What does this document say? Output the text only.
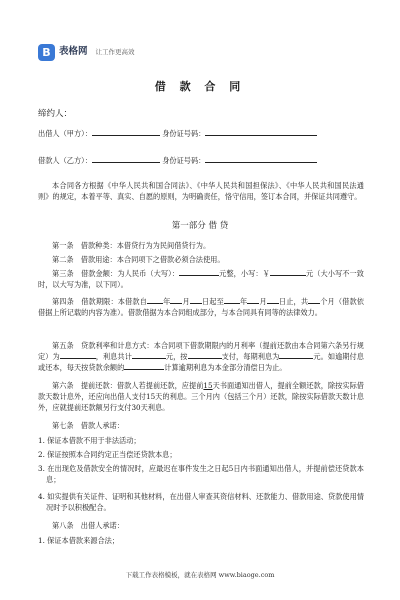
B 表格网 让工作更高效
借 款 合 同
缔约人：
出借人（甲方）：	身份证号码：
借款人（乙方）：	身份证号码：
本合同各方根据《中华人民共和国合同法》、《中华人民共和国担保法》、《中华人民共和国民法通则》的规定，本着平等、真实、自愿的原则，为明确责任，恪守信用，签订本合同，并保证共同遵守。
第一部分 借 贷
第一条　借款种类：本借贷行为为民间借贷行为。
第二条　借款用途：本合同项下之借款必须合法使用。
第三条　借款金额：为人民币（大写）：	元整，小写：￥	元（大小写不一致时，以大写为准，以下同）。
第四条　借款期限：本借款自 年 月 日起至 年 月 日止，共 个月（借款依借据上所记载的内容为准）。借款借据为本合同组成部分，与本合同具有同等的法律效力。
第五条　贷款利率和计息方式：本合同项下借款期限内的月利率（提前还款由本合同第六条另行规定）为	，利息共计	元，按	支付，每期利息为	元。如逾期付息或还本，每天按贷款余额的	计算逾期利息为本金部分清偿日为止。
第六条　提前还款：借款人若提前还款，应提前15天书面通知出借人，提前全额还款，除按实际借款天数计息外，还应向出借人支付15天的利息。三个月内（包括三个月）还款，除按实际借款天数计息外，应就提前还款额另行支付30天利息。
第七条　借款人承诺：
1. 保证本借款不用于非法活动；
2. 保证按照本合同约定正当偿还贷款本息；
3. 在出现危及借款安全的情况时，应最迟在事件发生之日起5日内书面通知出借人，并提前偿还贷款本息；
4. 如实提供有关证件、证明和其他材料，在出借人审查其资信材料、还款能力、借款用途、贷款使用情况时予以积极配合。
第八条　出借人承诺：
1. 保证本借款来源合法；
下载工作表格模板，就在表格网 www.biaoge.com
